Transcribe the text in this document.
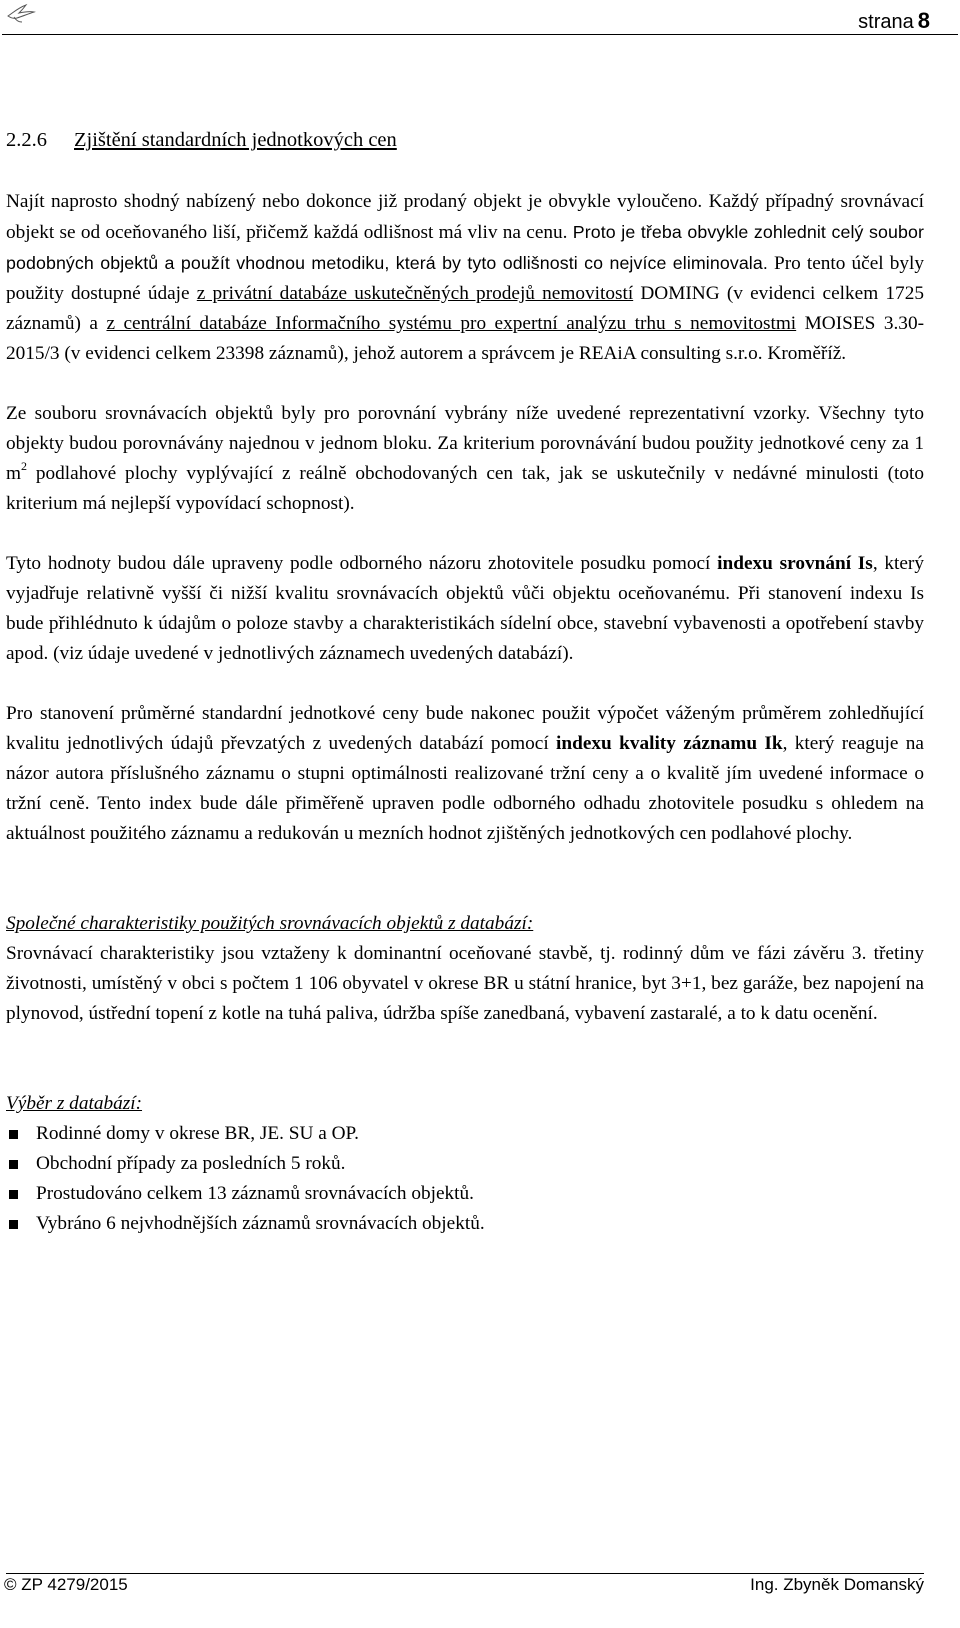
strana 8
2.2.6 Zjištění standardních jednotkových cen

Najít naprosto shodný nabízený nebo dokonce již prodaný objekt je obvykle vyloučeno. Každý případný srovnávací objekt se od oceňovaného liší, přičemž každá odlišnost má vliv na cenu. Proto je třeba obvykle zohlednit celý soubor podobných objektů a použít vhodnou metodiku, která by tyto odlišnosti co nejvíce eliminovala. Pro tento účel byly použity dostupné údaje z privátní databáze uskutečněných prodejů nemovitostí DOMING (v evidenci celkem 1725 záznamů) a z centrální databáze Informačního systému pro expertní analýzu trhu s nemovitostmi MOISES 3.30-2015/3 (v evidenci celkem 23398 záznamů), jehož autorem a správcem je REAiA consulting s.r.o. Kroměříž.

Ze souboru srovnávacích objektů byly pro porovnání vybrány níže uvedené reprezentativní vzorky. Všechny tyto objekty budou porovnávány najednou v jednom bloku. Za kriterium porovnávání budou použity jednotkové ceny za 1 $m^2$ podlahové plochy vyplývající z reálně obchodovaných cen tak, jak se uskutečnily v nedávné minulosti (toto kriterium má nejlepší vypovídací schopnost).

Tyto hodnoty budou dále upraveny podle odborného názoru zhotovitele posudku pomocí indexu srovnání Is, který vyjadřuje relativně vyšší či nižší kvalitu srovnávacích objektů vůči objektu oceňovanému. Při stanovení indexu Is bude přihlédnuto k údajům o poloze stavby a charakteristikách sídelní obce, stavební vybavenosti a opotřebení stavby apod. (viz údaje uvedené v jednotlivých záznamech uvedených databází).

Pro stanovení průměrné standardní jednotkové ceny bude nakonec použit výpočet váženým průměrem zohledňující kvalitu jednotlivých údajů převzatých z uvedených databází pomocí indexu kvality záznamu Ik, který reaguje na názor autora příslušného záznamu o stupni optimálnosti realizované tržní ceny a o kvalitě jím uvedené informace o tržní ceně. Tento index bude dále přiměřeně upraven podle odborného odhadu zhotovitele posudku s ohledem na aktuálnost použitého záznamu a redukován u mezních hodnot zjištěných jednotkových cen podlahové plochy.

Společné charakteristiky použitých srovnávacích objektů z databází:

Srovnávací charakteristiky jsou vztaženy k dominantní oceňované stavbě, tj. rodinný dům ve fázi závěru 3. třetiny životnosti, umístěný v obci s počtem 1 106 obyvatel v okrese BR u státní hranice, byt 3+1, bez garáže, bez napojení na plynovod, ústřední topení z kotle na tuhá paliva, údržba spíše zanedbaná, vybavení zastaralé, a to k datu ocenění.

Výběr z databází:

Rodinné domy v okrese BR, JE. SU a OP.
Obchodní případy za posledních 5 roků.
Prostudováno celkem 13 záznamů srovnávacích objektů.
Vybráno 6 nejvhodnějších záznamů srovnávacích objektů.
© ZP 4279/2015	Ing. Zbyněk Domanský
